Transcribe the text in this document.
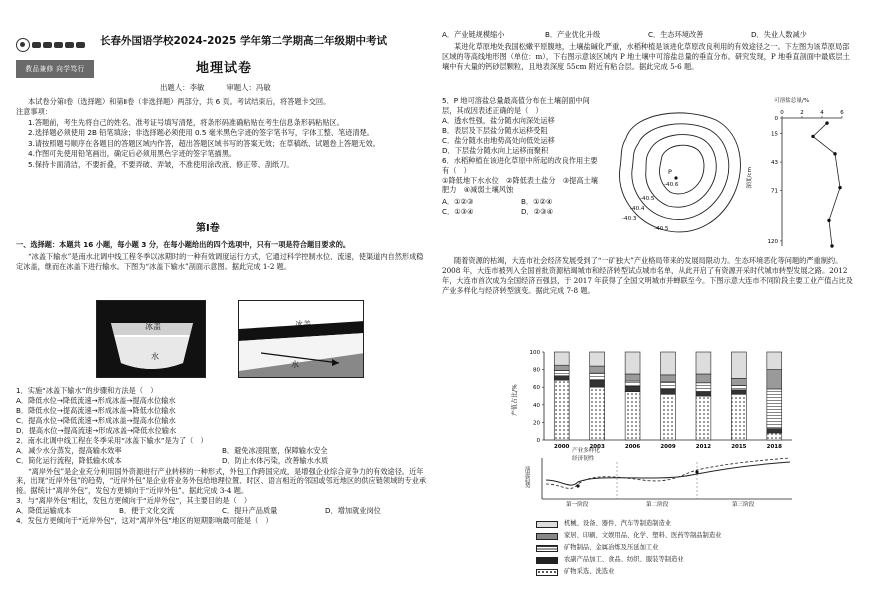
教品兼修 向学笃行
长春外国语学校2024-2025 学年第二学期高二年级期中考试
地理试卷
出题人：李敏	审题人：冯敏

本试卷分第Ⅰ卷（选择题）和第Ⅱ卷（非选择题）两部分，共 6 页。考试结束后，将答题卡交回。

注意事项：

1.答题前，考生先将自己的姓名、准考证号填写清楚，将条形码准确粘贴在考生信息条形码粘贴区。

2.选择题必须使用 2B 铅笔填涂；非选择题必须使用 0.5 毫米黑色字迹的签字笔书写，字体工整、笔迹清楚。

3.请按照题号顺序在各题目的答题区域内作答，超出答题区域书写的答案无效；在草稿纸、试题卷上答题无效。

4.作图可先使用铅笔画出，确定后必须用黑色字迹的签字笔描黑。

5.保持卡面清洁，不要折叠，不要弄破、弄皱，不准使用涂改液、修正带、刮纸刀。

第Ⅰ卷

一、选择题：本题共 16 小题，每小题 3 分，在每小题给出的四个选项中，只有一项是符合题目要求的。

“冰盖下输水”是南水北调中线工程冬季以冰期时的一种有效调度运行方式，它通过科学控制水位、流速，使渠道内自然形成稳定冰盖，继而在冰盖下进行输水。下图为“冰盖下输水”剖面示意图。据此完成 1-2 题。

冰盖
水
冰盖
水

1．实施“冰盖下输水”的步骤和方法是（　）

A．降低水位→降低流速→形成冰盖→提高水位输水

B．降低水位→提高流速→形成冰盖→降低水位输水

C．提高水位→降低流速→形成冰盖→提高水位输水

D．提高水位→提高流速→形成冰盖→降低水位输水

2．南水北调中线工程在冬季采用“冰盖下输水”是为了（　）

A．减少水分蒸发，提高输水效率	B．避免冰凌阻塞，保障输水安全
C．简化运行流程，降低输水成本	D．防止水体污染，改善输水水质

“离岸外包”是企业充分利用国外资源进行产业转移的一种形式，外包工作跨国完成，是增强企业综合竞争力的有效途径。近年来，出现“近岸外包”的趋势，“近岸外包”是企业将业务外包给地理位置、时区、语言相近的邻国或邻近地区的供应链领域的专业承接。据统计“离岸外包”，发包方更倾向于“近岸外包”。据此完成 3-4 题。

3．与“离岸外包”相比，发包方更倾向于“近岸外包”，其主要目的是（　）

A．降低运输成本	B．便于文化交流	C．提升产品质量	D．增加就业岗位

4．发包方更倾向于“近岸外包”，这对“离岸外包”地区的短期影响最可能是（　）

A．产业链规模缩小	B．产业优化升级	C．生态环境改善	D．失业人数减少

某进化草原地处我国松嫩平原腹地，土壤盐碱化严重，水稻种植是该进化草原改良利用的有效途径之一。下左图为该草原局部区域的等高线地形图（单位：m），下右图示意该区域内 P 地土壤中可溶盐总量的垂直分布。研究发现，P 地垂直剖面中最底层土壤中有大量的钙砂层颗粒，且地表深度 55cm 附近有粘合层。据此完成 5-6 题。

5．P 地可溶盐总量最高值分布在土壤剖面中间层，其成因表述正确的是（　）

A．透水性强，盐分随水向深处运移

B．表层及下层盐分随水运移受阻

C．盐分随水由地势高处向低处运移

D．下层盐分随水向上运移而聚积

6．水稻种植在该进化草原中所起的改良作用主要有（　）

①降低地下水水位　②降低表土盐分　③提高土壤肥力　④减弱土壤风蚀

A．①②③	B．①②④
C．①③④	D．②③④
P
-40.6
-40.5
-40.4
-40.3
-40.5
可溶盐总量/%
深度/cm
0	2	4	6
0
15
43
71
120

随着资源的枯竭，大连市社会经济发展受到了“一矿独大”产业格局带来的发展局限动力。生态环境恶化等问题的严重制约。2008 年，大连市被列入全国首批资源枯竭城市和经济转型试点城市名单，从此开启了有资源开采时代城市转型发展之路。2012 年，大连市首次成为全国经济百强县，于 2017 年获得了全国文明城市并蝉联至今。下图示意大连市不同阶段主要工业产值占比及产业多样化与经济转型演变。据此完成 7-8 题。

产值占比/%
0
20
40
60
80
100
2000	2003	2006	2009	2012	2015	2018
产业多样化
经济韧性
演进趋势
第一阶段	第二阶段	第三阶段
机械、设备、器件、汽车等制造制造业
家居、印刷、文娱用品、化学、塑料、医药等制品制造业
矿物制品、金属冶炼及压延加工业
农副产品加工、食品、纺织、服装等制造业
矿物采选、洗选业
